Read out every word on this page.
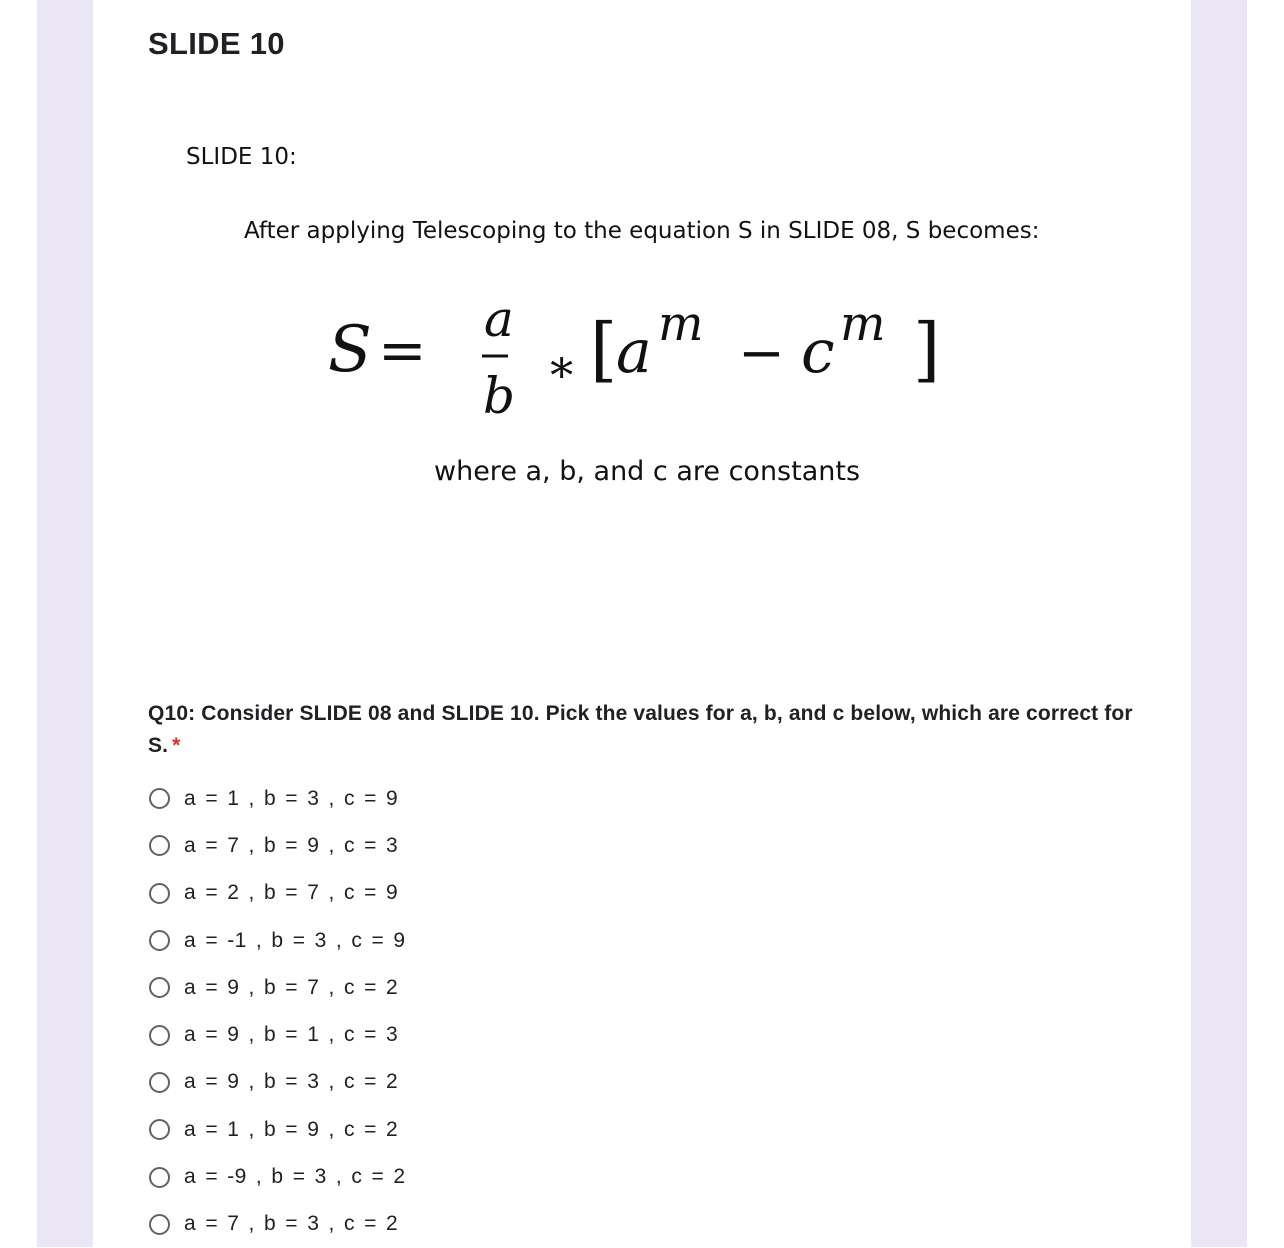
SLIDE 10
SLIDE 10:
After applying Telescoping to the equation S in SLIDE 08, S becomes:
S = a
b
∗ [
a m − c m ]
where a, b, and c are constants
Q10: Consider SLIDE 08 and SLIDE 10. Pick the values for a, b, and c below, which are correct for S. *
a = 1 , b = 3 , c = 9
a = 7 , b = 9 , c = 3
a = 2 , b = 7 , c = 9
a = -1 , b = 3 , c = 9
a = 9 , b = 7 , c = 2
a = 9 , b = 1 , c = 3
a = 9 , b = 3 , c = 2
a = 1 , b = 9 , c = 2
a = -9 , b = 3 , c = 2
a = 7 , b = 3 , c = 2
